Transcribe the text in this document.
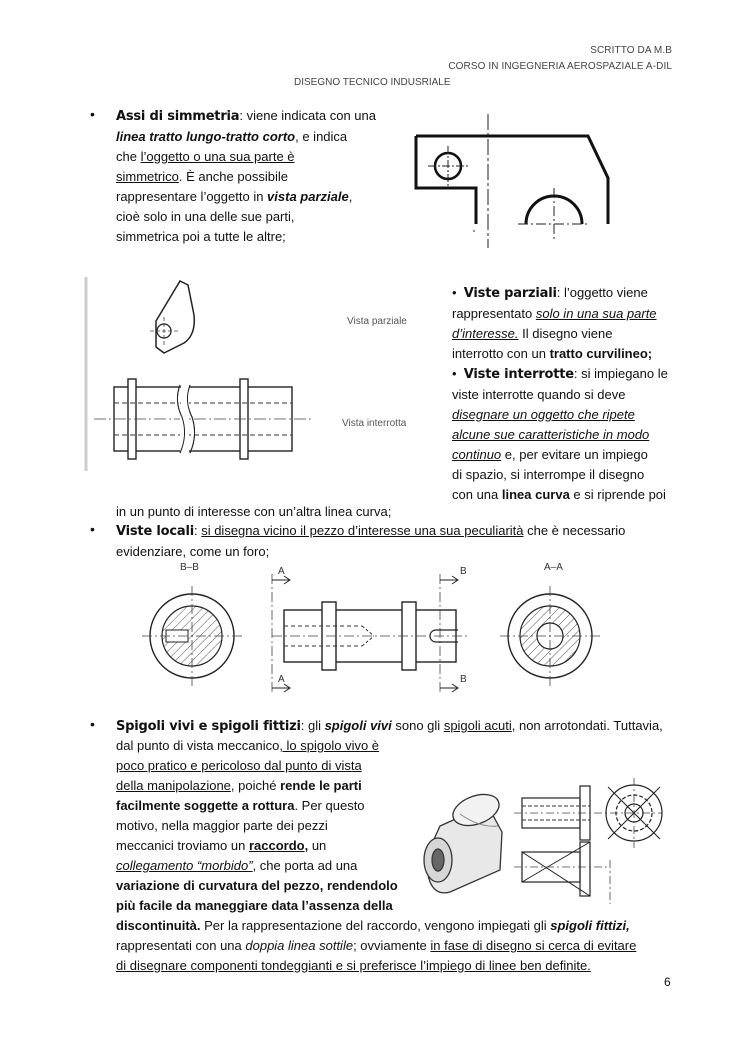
SCRITTO DA M.B
CORSO IN INGEGNERIA AEROSPAZIALE A-DIL
DISEGNO TECNICO INDUSRIALE
• Assi di simmetria: viene indicata con una
linea tratto lungo-tratto corto, e indica
che l’oggetto o una sua parte è
simmetrico. È anche possibile
rappresentare l’oggetto in vista parziale,
cioè solo in una delle sue parti,
simmetrica poi a tutte le altre;
Vista parziale
Vista interrotta
•  Viste parziali: l’oggetto viene
rappresentato solo in una sua parte
d’interesse. Il disegno viene
interrotto con un tratto curvilineo;
•  Viste interrotte: si impiegano le
viste interrotte quando si deve
disegnare un oggetto che ripete
alcune sue caratteristiche in modo
continuo e, per evitare un impiego
di spazio, si interrompe il disegno
con una linea curva e si riprende poi
in un punto di interesse con un’altra linea curva;
• Viste locali: si disegna vicino il pezzo d’interesse una sua peculiarità che è necessario
evidenziare, come un foro;
B–B	A–A
A
A
B
B
• Spigoli vivi e spigoli fittizi: gli spigoli vivi sono gli spigoli acuti, non arrotondati. Tuttavia,
dal punto di vista meccanico, lo spigolo vivo è
poco pratico e pericoloso dal punto di vista
della manipolazione, poiché rende le parti
facilmente soggette a rottura. Per questo
motivo, nella maggior parte dei pezzi
meccanici troviamo un raccordo, un
collegamento “morbido”, che porta ad una
variazione di curvatura del pezzo, rendendolo
più facile da maneggiare data l’assenza della
discontinuità. Per la rappresentazione del raccordo, vengono impiegati gli spigoli fittizi,
rappresentati con una doppia linea sottile; ovviamente in fase di disegno si cerca di evitare
di disegnare componenti tondeggianti e si preferisce l’impiego di linee ben definite.
6
